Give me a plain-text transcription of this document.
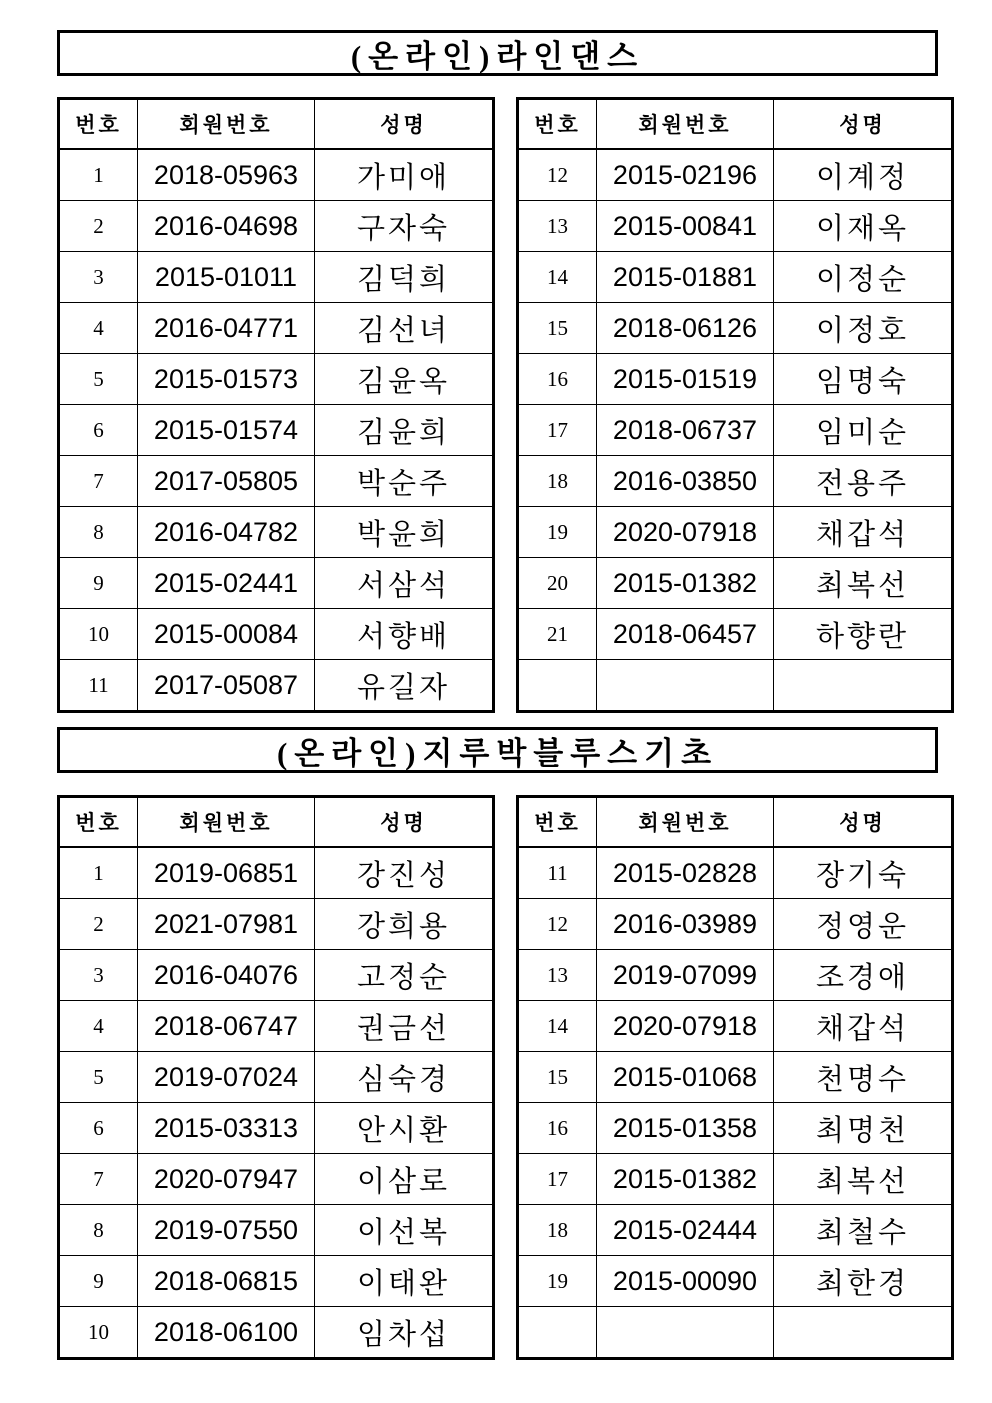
(온라인)라인댄스
번호	회원번호	성명
1	2018-05963	가미애
2	2016-04698	구자숙
3	2015-01011	김덕희
4	2016-04771	김선녀
5	2015-01573	김윤옥
6	2015-01574	김윤희
7	2017-05805	박순주
8	2016-04782	박윤희
9	2015-02441	서삼석
10	2015-00084	서향배
11	2017-05087	유길자
번호	회원번호	성명
12	2015-02196	이계정
13	2015-00841	이재옥
14	2015-01881	이정순
15	2018-06126	이정호
16	2015-01519	임명숙
17	2018-06737	임미순
18	2016-03850	전용주
19	2020-07918	채갑석
20	2015-01382	최복선
21	2018-06457	하향란

(온라인)지루박블루스기초
번호	회원번호	성명
1	2019-06851	강진성
2	2021-07981	강희용
3	2016-04076	고정순
4	2018-06747	권금선
5	2019-07024	심숙경
6	2015-03313	안시환
7	2020-07947	이삼로
8	2019-07550	이선복
9	2018-06815	이태완
10	2018-06100	임차섭
번호	회원번호	성명
11	2015-02828	장기숙
12	2016-03989	정영운
13	2019-07099	조경애
14	2020-07918	채갑석
15	2015-01068	천명수
16	2015-01358	최명천
17	2015-01382	최복선
18	2015-02444	최철수
19	2015-00090	최한경
